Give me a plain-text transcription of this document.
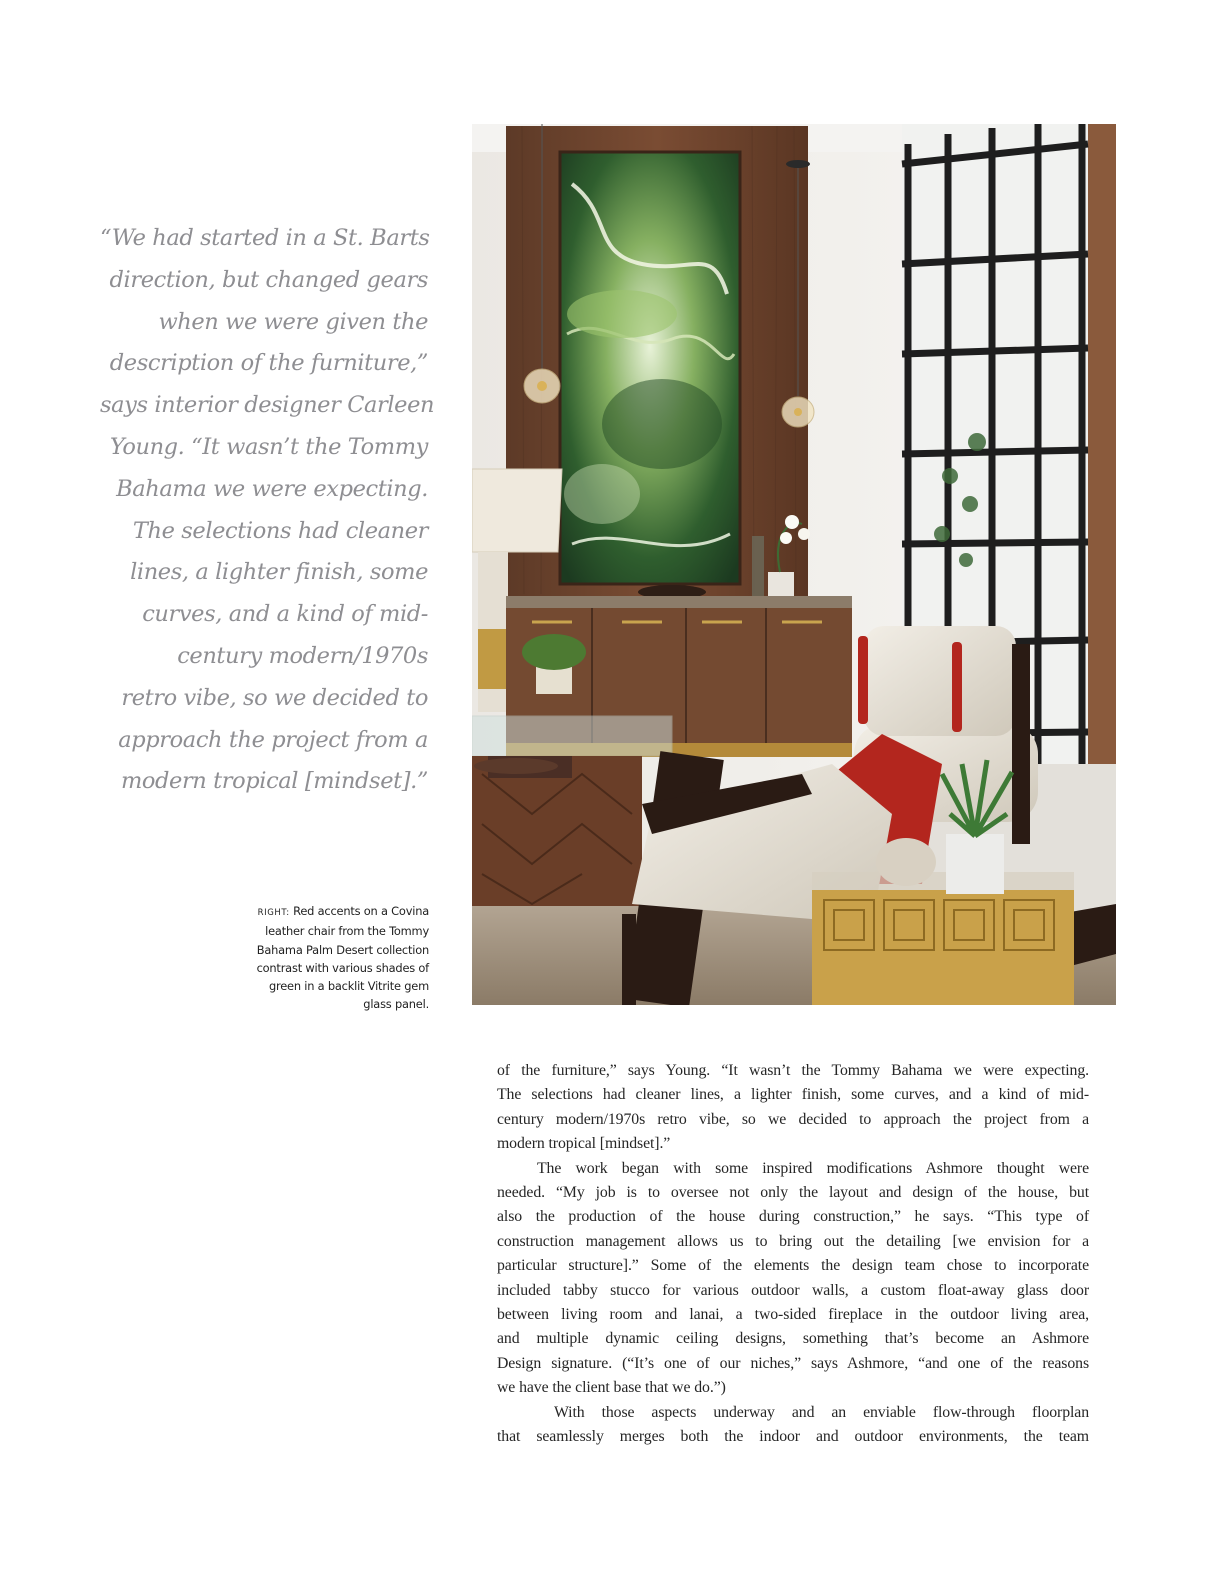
“We had started in a St. Barts
direction, but changed gears
when we were given the
description of the furniture,”
says interior designer Carleen
Young. “It wasn’t the Tommy
Bahama we were expecting.
The selections had cleaner
lines, a lighter finish, some
curves, and a kind of mid-
century modern/1970s
retro vibe, so we decided to
approach the project from a
modern tropical [mindset].”
RIGHT: Red accents on a Covina
leather chair from the Tommy
Bahama Palm Desert collection
contrast with various shades of
green in a backlit Vitrite gem
glass panel.
of the furniture,” says Young. “It wasn’t the Tommy Bahama we were expecting.
The selections had cleaner lines, a lighter finish, some curves, and a kind of mid-
century modern/1970s retro vibe, so we decided to approach the project from a
modern tropical [mindset].”
The work began with some inspired modifications Ashmore thought were
needed. “My job is to oversee not only the layout and design of the house, but
also the production of the house during construction,” he says. “This type of
construction management allows us to bring out the detailing [we envision for a
particular structure].” Some of the elements the design team chose to incorporate
included tabby stucco for various outdoor walls, a custom float-away glass door
between living room and lanai, a two-sided fireplace in the outdoor living area,
and multiple dynamic ceiling designs, something that’s become an Ashmore
Design signature. (“It’s one of our niches,” says Ashmore, “and one of the reasons
we have the client base that we do.”)
With those aspects underway and an enviable flow-through floorplan
that seamlessly merges both the indoor and outdoor environments, the team
